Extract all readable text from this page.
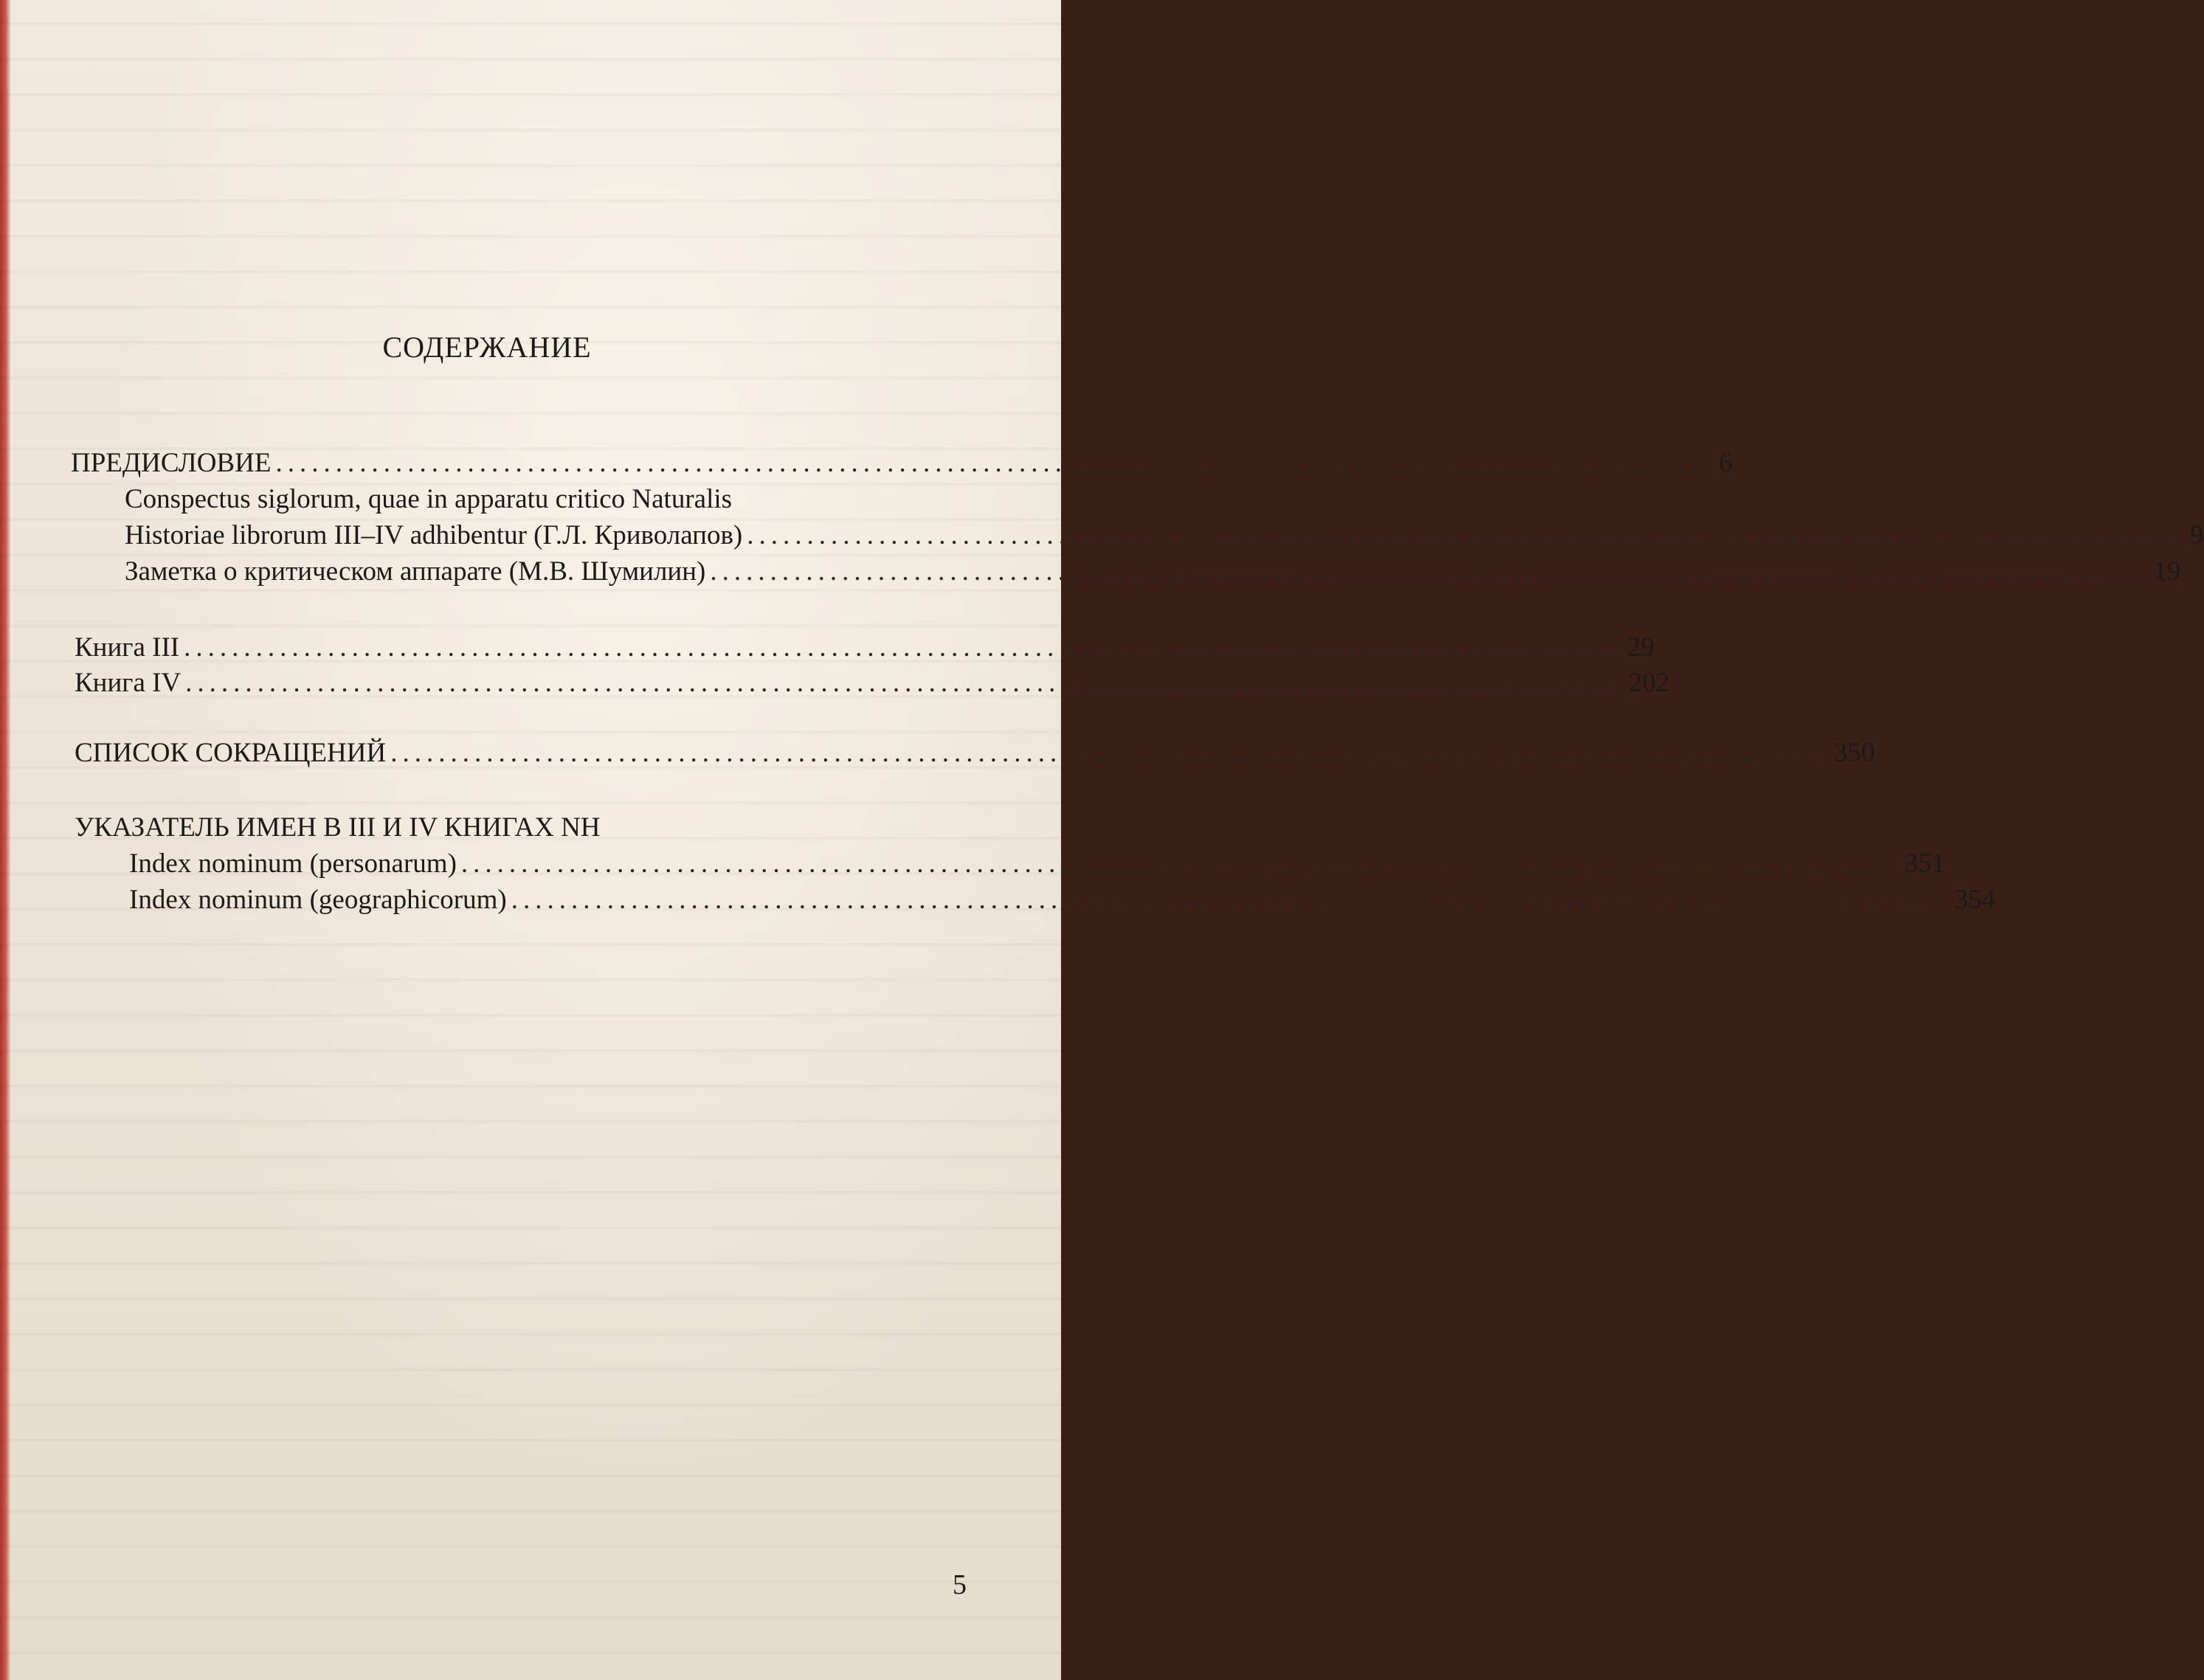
СОДЕРЖАНИЕ
ПРЕДИСЛОВИЕ ........................................................................................................................ 6
Conspectus siglorum, quae in apparatu critico Naturalis
Historiae librorum III–IV adhibentur (Г.Л. Криволапов) ........................................................................................................................ 9
Заметка о критическом аппарате (М.В. Шумилин) ........................................................................................................................ 19
Книга III ........................................................................................................................ 29
Книга IV ........................................................................................................................ 202
СПИСОК СОКРАЩЕНИЙ ........................................................................................................................ 350
УКАЗАТЕЛЬ ИМЕН В III И IV КНИГАХ NH
Index nominum (personarum) ........................................................................................................................ 351
Index nominum (geographicorum) ........................................................................................................................ 354
5
